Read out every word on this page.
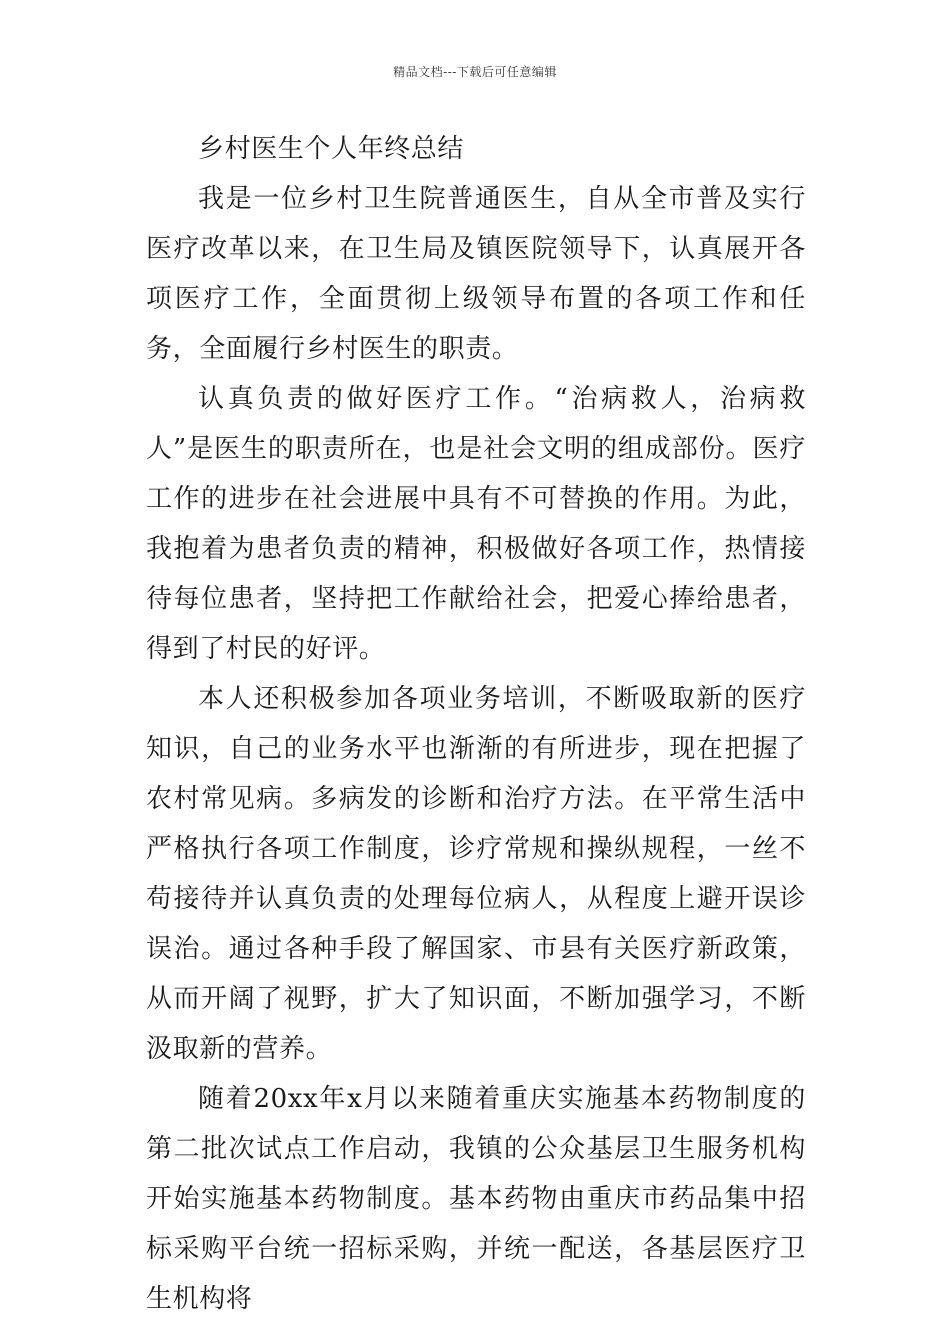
精品文档---下载后可任意编辑

乡村医生个人年终总结

我是一位乡村卫生院普通医生，自从全市普及实行医疗改革以来，在卫生局及镇医院领导下，认真展开各项医疗工作，全面贯彻上级领导布置的各项工作和任务，全面履行乡村医生的职责。

认真负责的做好医疗工作。“治病救人，治病救人”是医生的职责所在，也是社会文明的组成部份。医疗工作的进步在社会进展中具有不可替换的作用。为此，我抱着为患者负责的精神，积极做好各项工作，热情接待每位患者，坚持把工作献给社会，把爱心捧给患者，得到了村民的好评。

本人还积极参加各项业务培训，不断吸取新的医疗知识，自己的业务水平也渐渐的有所进步，现在把握了农村常见病。多病发的诊断和治疗方法。在平常生活中严格执行各项工作制度，诊疗常规和操纵规程，一丝不苟接待并认真负责的处理每位病人，从程度上避开误诊误治。通过各种手段了解国家、市县有关医疗新政策，从而开阔了视野，扩大了知识面，不断加强学习，不断汲取新的营养。

随着20xx年x月以来随着重庆实施基本药物制度的第二批次试点工作启动，我镇的公众基层卫生服务机构开始实施基本药物制度。基本药物由重庆市药品集中招标采购平台统一招标采购，并统一配送，各基层医疗卫生机构将
